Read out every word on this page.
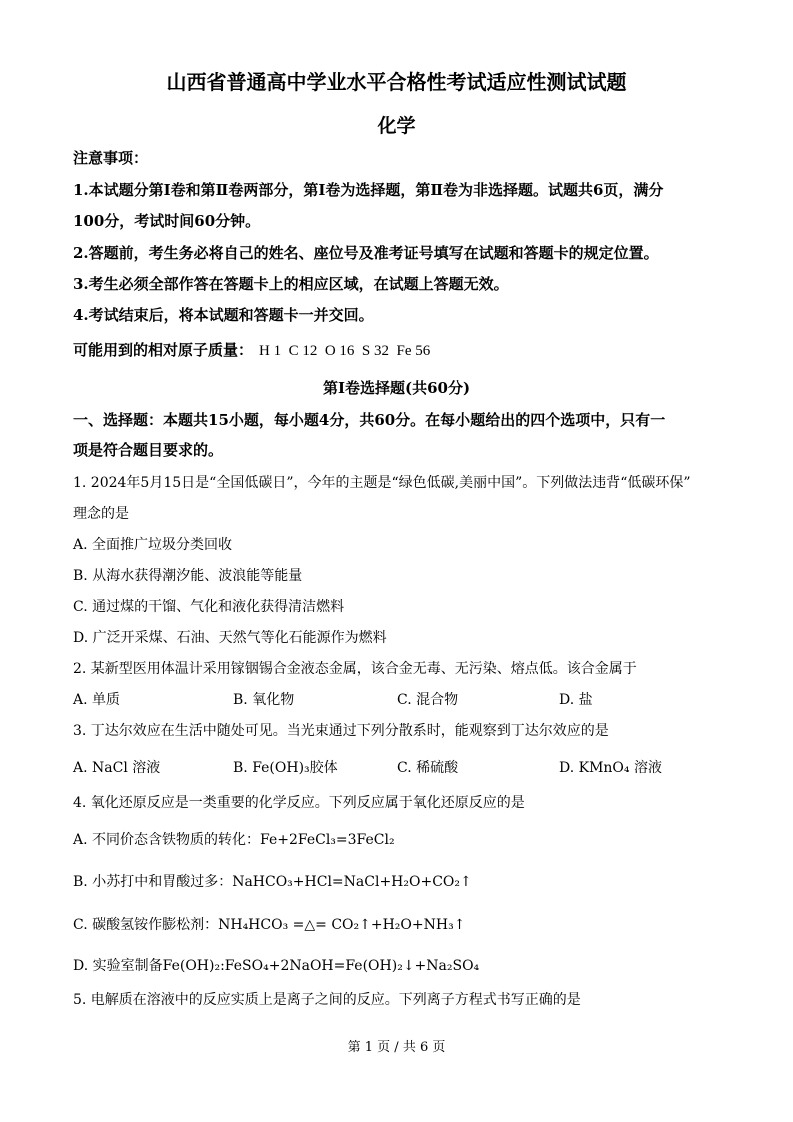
山西省普通高中学业水平合格性考试适应性测试试题
化学
注意事项：
1.本试题分第Ⅰ卷和第Ⅱ卷两部分，第Ⅰ卷为选择题，第Ⅱ卷为非选择题。试题共6页，满分
100分，考试时间60分钟。
2.答题前，考生务必将自己的姓名、座位号及准考证号填写在试题和答题卡的规定位置。
3.考生必须全部作答在答题卡上的相应区域，在试题上答题无效。
4.考试结束后，将本试题和答题卡一并交回。
可能用到的相对原子质量： H 1  C 12  O 16  S 32  Fe 56
第Ⅰ卷选择题(共60分)
一、选择题：本题共15小题，每小题4分，共60分。在每小题给出的四个选项中，只有一
项是符合题目要求的。
1. 2024年5月15日是“全国低碳日”，今年的主题是“绿色低碳,美丽中国”。下列做法违背“低碳环保”
理念的是
A. 全面推广垃圾分类回收
B. 从海水获得潮汐能、波浪能等能量
C. 通过煤的干馏、气化和液化获得清洁燃料
D. 广泛开采煤、石油、天然气等化石能源作为燃料
2. 某新型医用体温计采用镓铟锡合金液态金属，该合金无毒、无污染、熔点低。该合金属于
A. 单质	B. 氧化物	C. 混合物	D. 盐
3. 丁达尔效应在生活中随处可见。当光束通过下列分散系时，能观察到丁达尔效应的是
A. NaCl 溶液	B. Fe(OH)₃胶体	C. 稀硫酸	D. KMnO₄ 溶液
4. 氧化还原反应是一类重要的化学反应。下列反应属于氧化还原反应的是
A. 不同价态含铁物质的转化：Fe+2FeCl₃=3FeCl₂
B. 小苏打中和胃酸过多：NaHCO₃+HCl=NaCl+H₂O+CO₂↑
C. 碳酸氢铵作膨松剂：NH₄HCO₃ =△= CO₂↑+H₂O+NH₃↑
D. 实验室制备Fe(OH)₂:FeSO₄+2NaOH=Fe(OH)₂↓+Na₂SO₄
5. 电解质在溶液中的反应实质上是离子之间的反应。下列离子方程式书写正确的是
第 1 页 / 共 6 页
